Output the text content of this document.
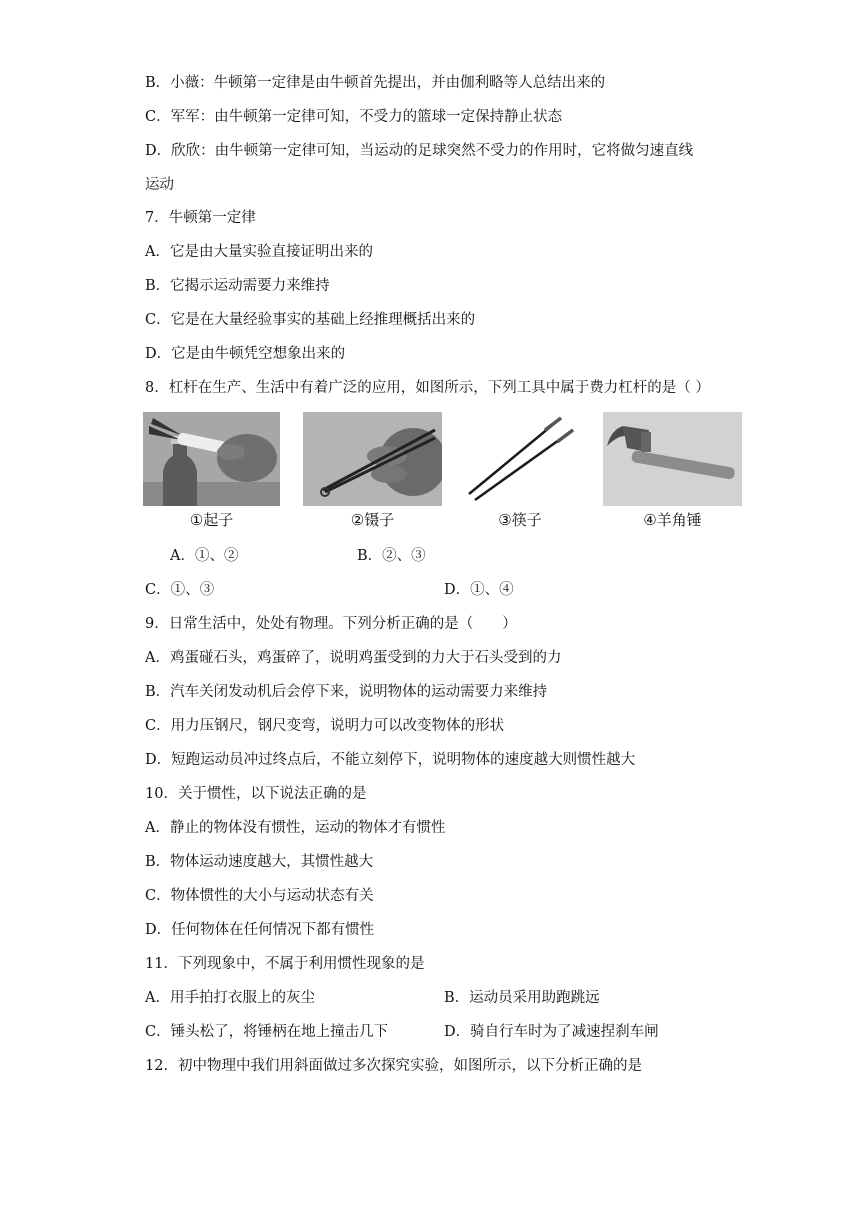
B．小薇：牛顿第一定律是由牛顿首先提出，并由伽利略等人总结出来的
C．军军：由牛顿第一定律可知，不受力的篮球一定保持静止状态
D．欣欣：由牛顿第一定律可知，当运动的足球突然不受力的作用时，它将做匀速直线
运动
7．牛顿第一定律
A．它是由大量实验直接证明出来的
B．它揭示运动需要力来维持
C．它是在大量经验事实的基础上经推理概括出来的
D．它是由牛顿凭空想象出来的
8．杠杆在生产、生活中有着广泛的应用，如图所示，下列工具中属于费力杠杆的是（ ）
①起子	②镊子	③筷子	④羊角锤
A．①、②	B．②、③
C．①、③	D．①、④
9．日常生活中，处处有物理。下列分析正确的是（　　）
A．鸡蛋碰石头，鸡蛋碎了，说明鸡蛋受到的力大于石头受到的力
B．汽车关闭发动机后会停下来，说明物体的运动需要力来维持
C．用力压钢尺，钢尺变弯，说明力可以改变物体的形状
D．短跑运动员冲过终点后，不能立刻停下，说明物体的速度越大则惯性越大
10．关于惯性，以下说法正确的是
A．静止的物体没有惯性，运动的物体才有惯性
B．物体运动速度越大，其惯性越大
C．物体惯性的大小与运动状态有关
D．任何物体在任何情况下都有惯性
11．下列现象中，不属于利用惯性现象的是
A．用手拍打衣服上的灰尘	B．运动员采用助跑跳远
C．锤头松了，将锤柄在地上撞击几下	D．骑自行车时为了减速捏刹车闸
12．初中物理中我们用斜面做过多次探究实验，如图所示，以下分析正确的是
